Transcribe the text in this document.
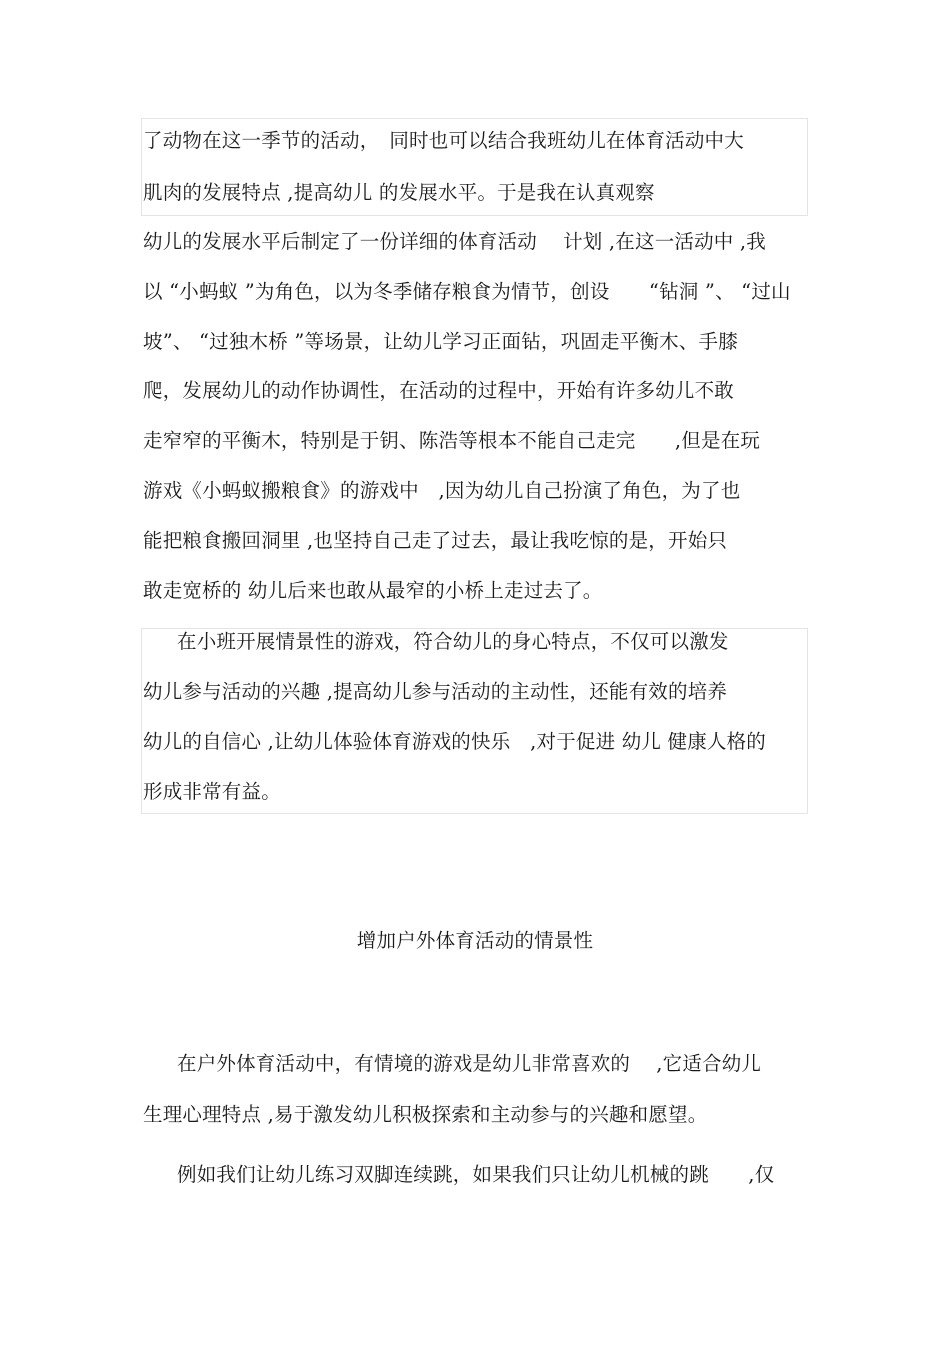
了动物在这一季节的活动，　同时也可以结合我班幼儿在体育活动中大
肌肉的发展特点 ,提高幼儿 的发展水平。于是我在认真观察
幼儿的发展水平后制定了一份详细的体育活动　 计划 ,在这一活动中 ,我
以 “小蚂蚁 ”为角色，以为冬季储存粮食为情节，创设　　“钻洞 ”、 “过山
坡”、 “过独木桥 ”等场景，让幼儿学习正面钻，巩固走平衡木、手膝
爬，发展幼儿的动作协调性，在活动的过程中，开始有许多幼儿不敢
走窄窄的平衡木，特别是于钥、陈浩等根本不能自己走完　　,但是在玩
游戏《小蚂蚁搬粮食》的游戏中　,因为幼儿自己扮演了角色，为了也
能把粮食搬回洞里 ,也坚持自己走了过去，最让我吃惊的是，开始只
敢走宽桥的 幼儿后来也敢从最窄的小桥上走过去了。
在小班开展情景性的游戏，符合幼儿的身心特点，不仅可以激发
幼儿参与活动的兴趣 ,提高幼儿参与活动的主动性，还能有效的培养
幼儿的自信心 ,让幼儿体验体育游戏的快乐　,对于促进 幼儿 健康人格的
形成非常有益。
增加户外体育活动的情景性
在户外体育活动中，有情境的游戏是幼儿非常喜欢的　 ,它适合幼儿
生理心理特点 ,易于激发幼儿积极探索和主动参与的兴趣和愿望。
例如我们让幼儿练习双脚连续跳，如果我们只让幼儿机械的跳　　,仅
